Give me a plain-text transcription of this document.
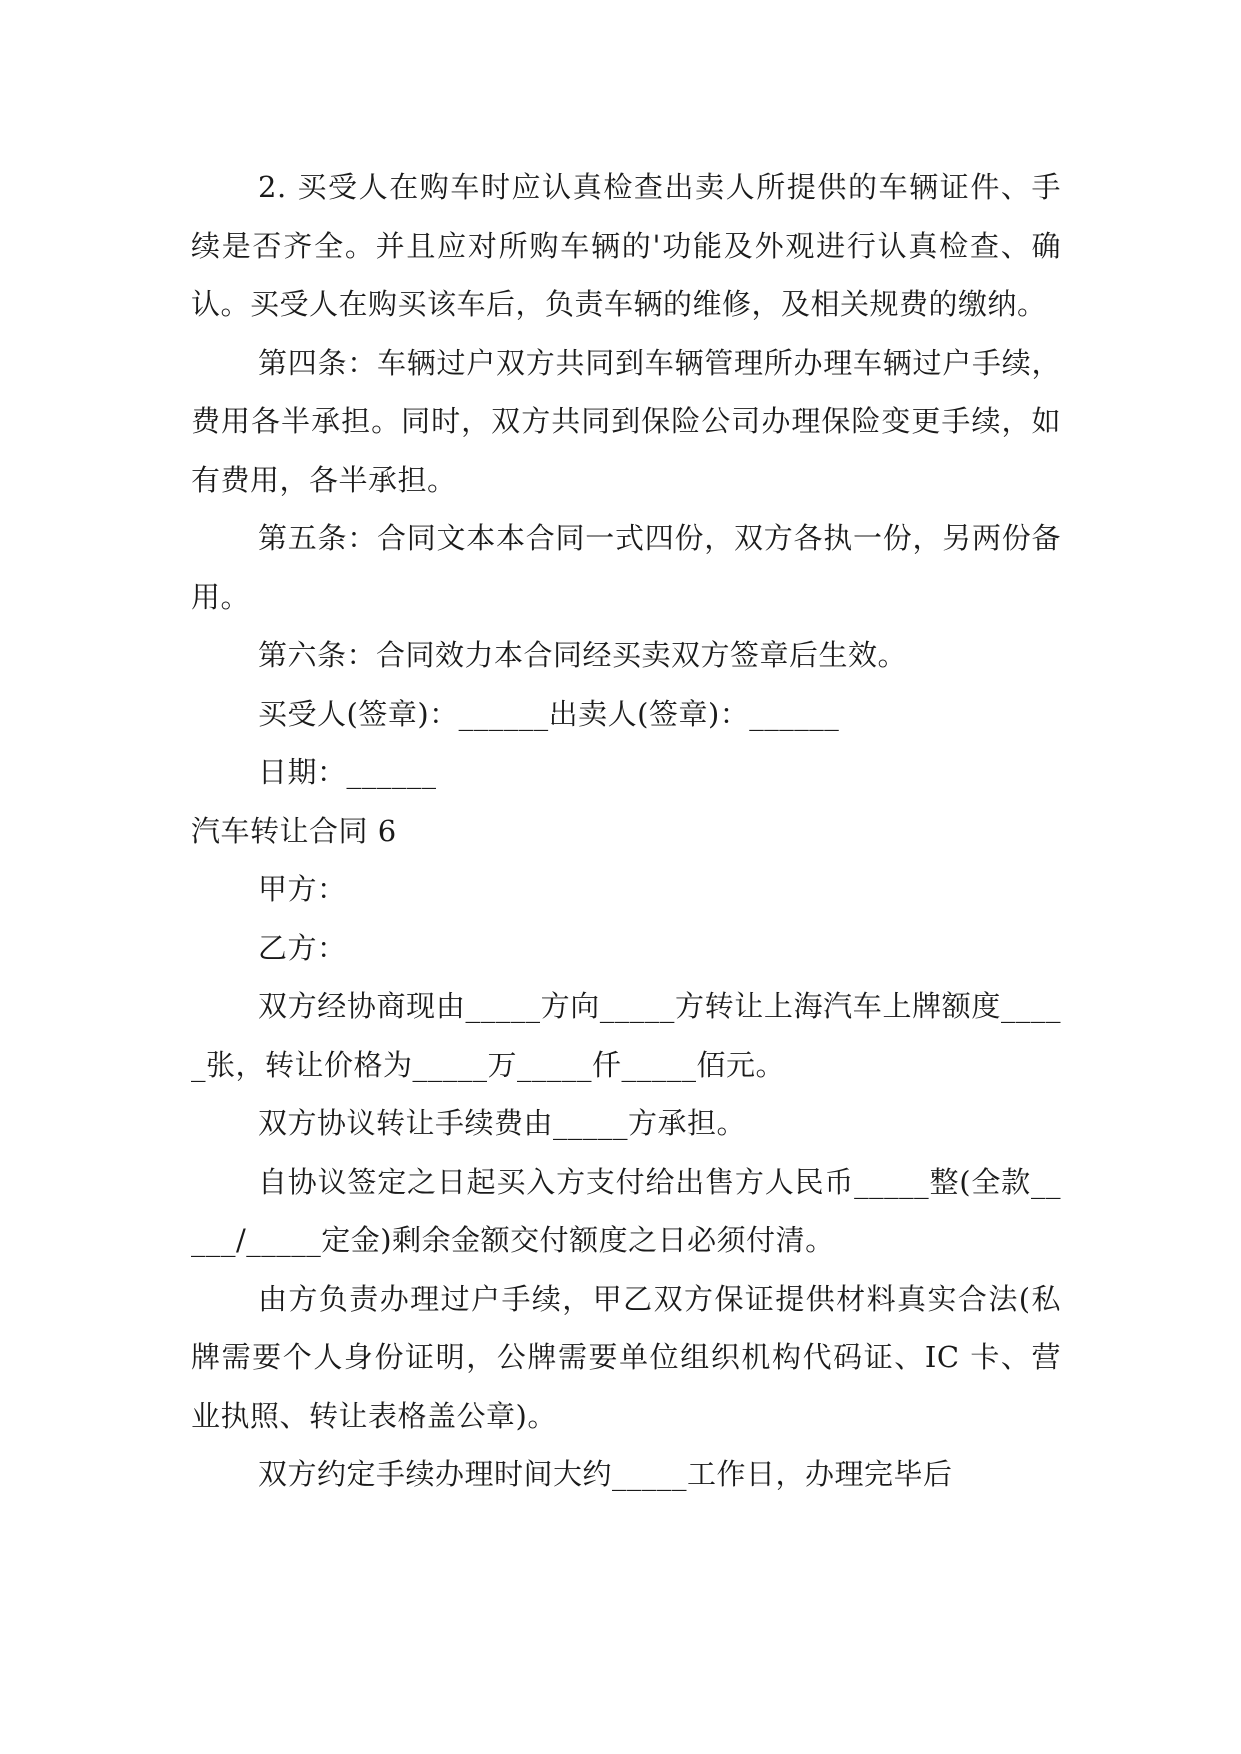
2. 买受人在购车时应认真检查出卖人所提供的车辆证件、手续是否齐全。并且应对所购车辆的'功能及外观进行认真检查、确认。买受人在购买该车后，负责车辆的维修，及相关规费的缴纳。

第四条：车辆过户双方共同到车辆管理所办理车辆过户手续，费用各半承担。同时，双方共同到保险公司办理保险变更手续，如有费用，各半承担。

第五条：合同文本本合同一式四份，双方各执一份，另两份备用。

第六条：合同效力本合同经买卖双方签章后生效。

买受人(签章)：______出卖人(签章)：______

日期：______

汽车转让合同 6

甲方：

乙方：

双方经协商现由_____方向_____方转让上海汽车上牌额度_____张，转让价格为_____万_____仟_____佰元。

双方协议转让手续费由_____方承担。

自协议签定之日起买入方支付给出售方人民币_____整(全款_____/_____定金)剩余金额交付额度之日必须付清。

由方负责办理过户手续，甲乙双方保证提供材料真实合法(私牌需要个人身份证明，公牌需要单位组织机构代码证、IC 卡、营业执照、转让表格盖公章)。

双方约定手续办理时间大约_____工作日，办理完毕后
